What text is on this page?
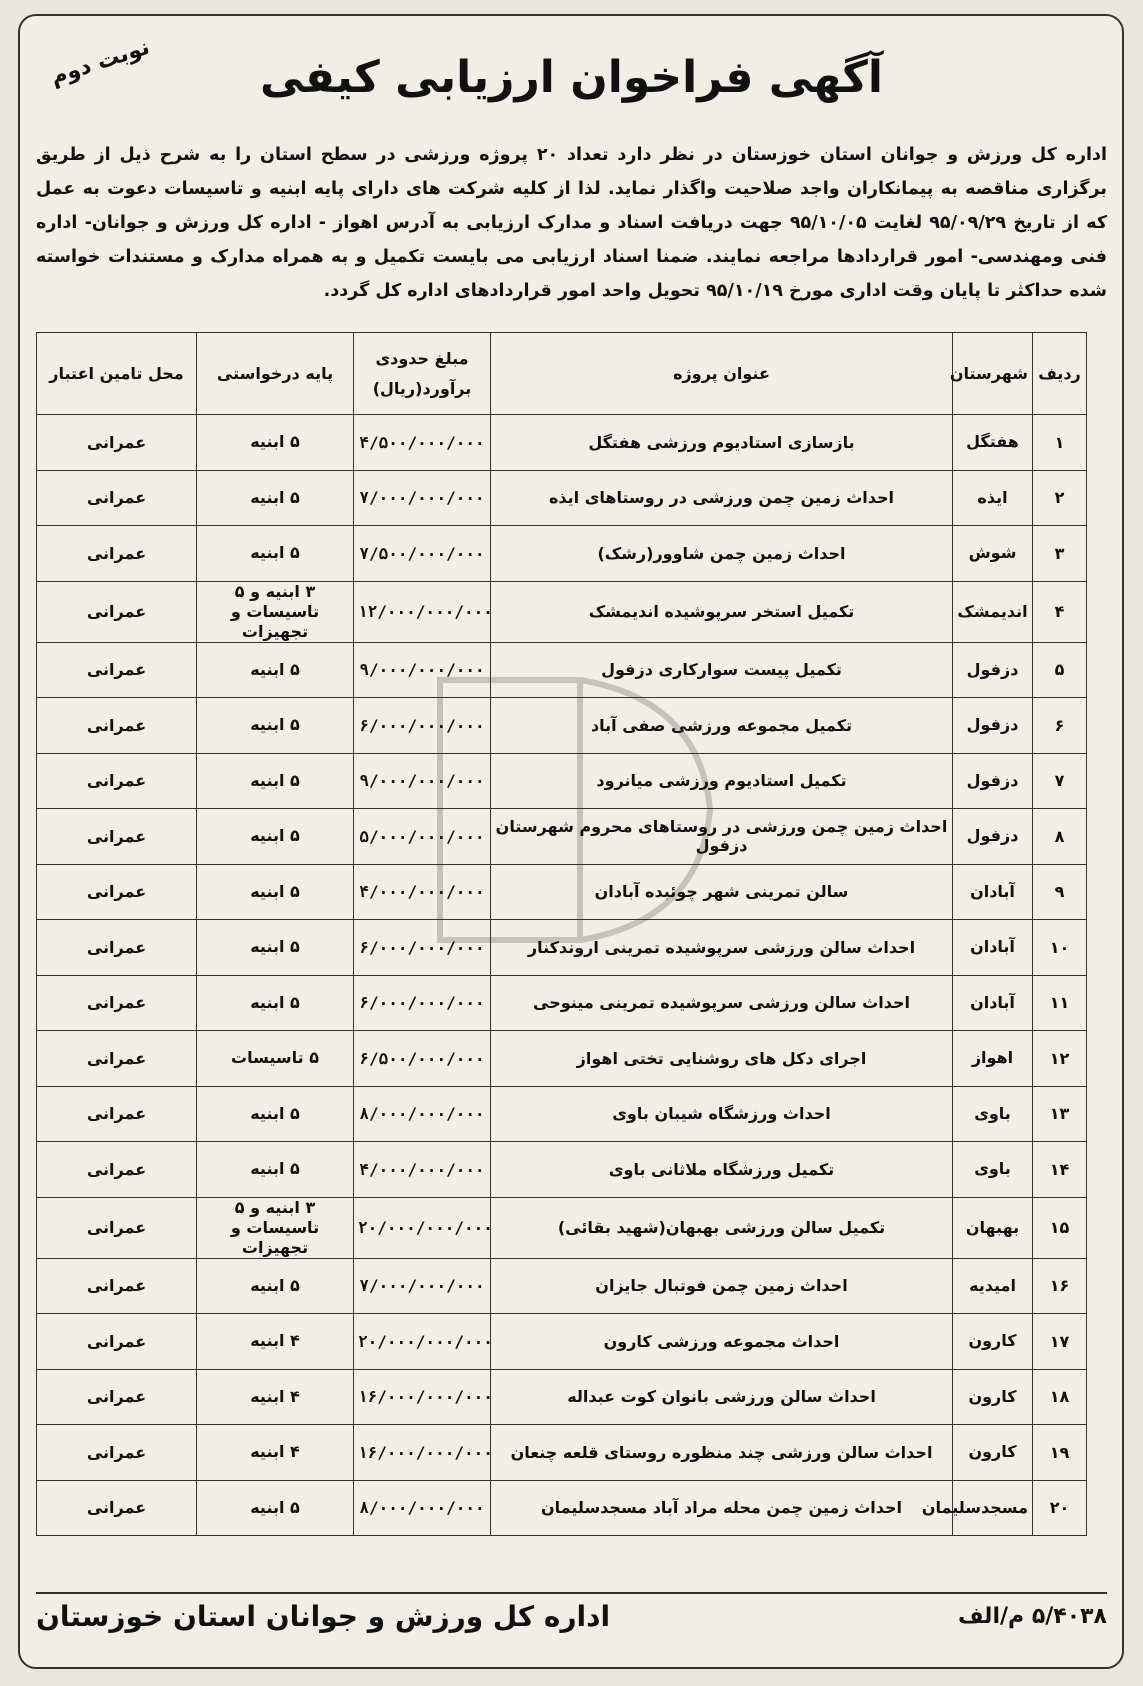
نوبت دوم	آگهی فراخوان ارزیابی کیفی
اداره کل ورزش و جوانان استان خوزستان در نظر دارد تعداد ۲۰ پروژه ورزشی در سطح استان را به شرح ذیل از طریق برگزاری مناقصه به پیمانکاران واجد صلاحیت واگذار نماید. لذا از کلیه شرکت های دارای پایه ابنیه و تاسیسات دعوت به عمل که از تاریخ ۹۵/۰۹/۲۹ لغایت ۹۵/۱۰/۰۵ جهت دریافت اسناد و مدارک ارزیابی به آدرس اهواز - اداره کل ورزش و جوانان- اداره فنی ومهندسی- امور قراردادها مراجعه نمایند. ضمنا اسناد ارزیابی می بایست تکمیل و به همراه مدارک و مستندات خواسته شده حداکثر تا پایان وقت اداری مورخ ۹۵/۱۰/۱۹ تحویل واحد امور قراردادهای اداره کل گردد.
ردیف	شهرستان	عنوان پروژه	مبلغ حدودی برآورد(ریال)	پایه درخواستی	محل تامین اعتبار
۱	هفتگل	بازسازی استادیوم ورزشی هفتگل	۴/۵۰۰/۰۰۰/۰۰۰	۵ ابنیه	عمرانی
۲	ایذه	احداث زمین چمن ورزشی در روستاهای ایذه	۷/۰۰۰/۰۰۰/۰۰۰	۵ ابنیه	عمرانی
۳	شوش	احداث زمین چمن شاوور(رشک)	۷/۵۰۰/۰۰۰/۰۰۰	۵ ابنیه	عمرانی
۴	اندیمشک	تکمیل استخر سرپوشیده اندیمشک	۱۲/۰۰۰/۰۰۰/۰۰۰	۳ ابنیه و ۵ تاسیسات و تجهیزات	عمرانی
۵	دزفول	تکمیل پیست سوارکاری دزفول	۹/۰۰۰/۰۰۰/۰۰۰	۵ ابنیه	عمرانی
۶	دزفول	تکمیل مجموعه ورزشی صفی آباد	۶/۰۰۰/۰۰۰/۰۰۰	۵ ابنیه	عمرانی
۷	دزفول	تکمیل استادیوم ورزشی میانرود	۹/۰۰۰/۰۰۰/۰۰۰	۵ ابنیه	عمرانی
۸	دزفول	احداث زمین چمن ورزشی در روستاهای محروم شهرستان دزفول	۵/۰۰۰/۰۰۰/۰۰۰	۵ ابنیه	عمرانی
۹	آبادان	سالن تمرینی شهر چوئبده آبادان	۴/۰۰۰/۰۰۰/۰۰۰	۵ ابنیه	عمرانی
۱۰	آبادان	احداث سالن ورزشی سرپوشیده تمرینی اروندکنار	۶/۰۰۰/۰۰۰/۰۰۰	۵ ابنیه	عمرانی
۱۱	آبادان	احداث سالن ورزشی سرپوشیده تمرینی مینوحی	۶/۰۰۰/۰۰۰/۰۰۰	۵ ابنیه	عمرانی
۱۲	اهواز	اجرای دکل های روشنایی تختی اهواز	۶/۵۰۰/۰۰۰/۰۰۰	۵ تاسیسات	عمرانی
۱۳	باوی	احداث ورزشگاه شیبان باوی	۸/۰۰۰/۰۰۰/۰۰۰	۵ ابنیه	عمرانی
۱۴	باوی	تکمیل ورزشگاه ملاثانی باوی	۴/۰۰۰/۰۰۰/۰۰۰	۵ ابنیه	عمرانی
۱۵	بهبهان	تکمیل سالن ورزشی بهبهان(شهید بقائی)	۲۰/۰۰۰/۰۰۰/۰۰۰	۳ ابنیه و ۵ تاسیسات و تجهیزات	عمرانی
۱۶	امیدیه	احداث زمین چمن فوتبال جایزان	۷/۰۰۰/۰۰۰/۰۰۰	۵ ابنیه	عمرانی
۱۷	کارون	احداث مجموعه ورزشی کارون	۲۰/۰۰۰/۰۰۰/۰۰۰	۴ ابنیه	عمرانی
۱۸	کارون	احداث سالن ورزشی بانوان کوت عبداله	۱۶/۰۰۰/۰۰۰/۰۰۰	۴ ابنیه	عمرانی
۱۹	کارون	احداث سالن ورزشی چند منظوره روستای قلعه چنعان	۱۶/۰۰۰/۰۰۰/۰۰۰	۴ ابنیه	عمرانی
۲۰	مسجدسلیمان	احداث زمین چمن محله مراد آباد مسجدسلیمان	۸/۰۰۰/۰۰۰/۰۰۰	۵ ابنیه	عمرانی
۵/۴۰۳۸ م/الف
اداره کل ورزش و جوانان استان خوزستان
